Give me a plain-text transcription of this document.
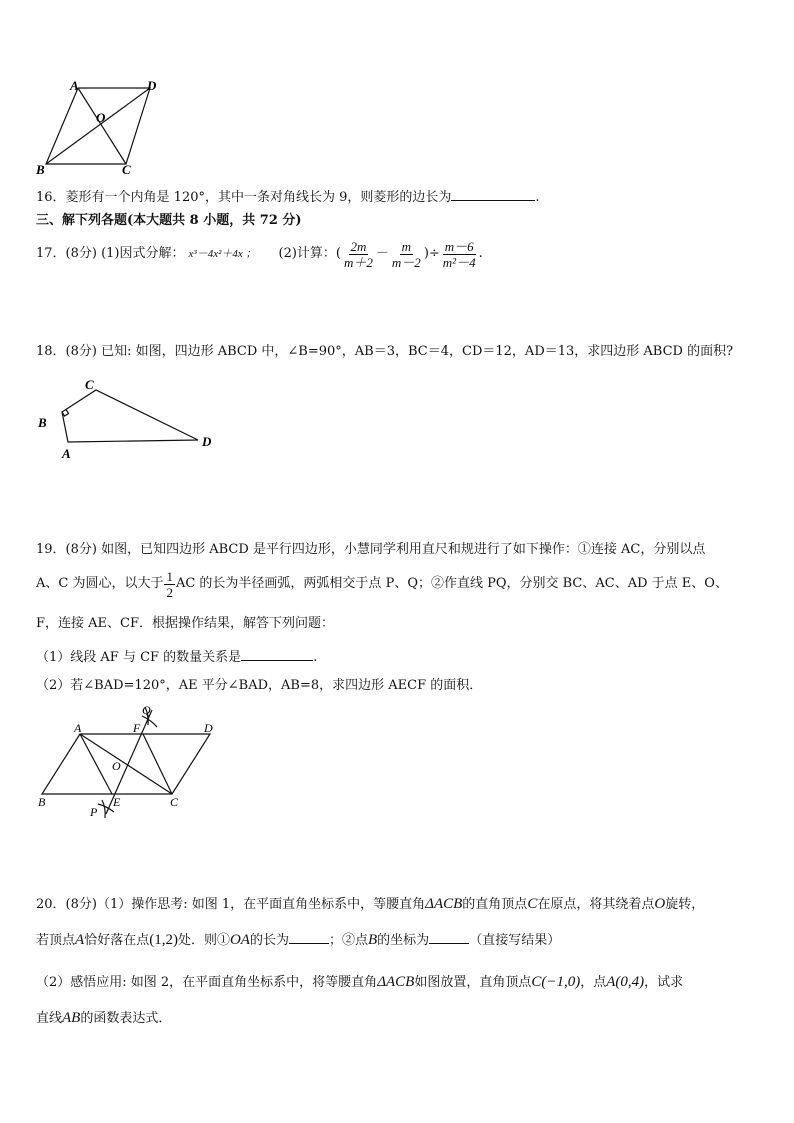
A	D
O
B	C
16．菱形有一个内角是 120°，其中一条对角线长为 9，则菱形的边长为	.
三、解下列各题(本大题共 8 小题，共 72 分)
17．(8分) (1)因式分解： x³－4x²＋4x ； (2)计算：( $\frac{2m}{m+2} - \frac{m}{m-2}$ )÷ $\frac{m-6}{\text{m²－4}}$ .
18．(8分) 已知: 如图，四边形 ABCD 中，∠B=90°，AB＝3，BC＝4，CD＝12，AD＝13，求四边形 ABCD 的面积?
C
B
D
A
19．(8分) 如图，已知四边形 ABCD 是平行四边形，小慧同学利用直尺和规进行了如下操作：①连接 AC，分别以点
A、C 为圆心，以大于 $\frac{1}{2}$ AC 的长为半径画弧，两弧相交于点 P、Q；②作直线 PQ，分别交 BC、AC、AD 于点 E、O、
F，连接 AE、CF．根据操作结果，解答下列问题：
（1）线段 AF 与 CF 的数量关系是	.
（2）若∠BAD=120°，AE 平分∠BAD，AB=8，求四边形 AECF 的面积．
Q
A	F	D
O
B	E	C
P
20．(8分)（1）操作思考: 如图 1，在平面直角坐标系中，等腰直角ΔACB的直角顶点C在原点，将其绕着点O旋转，
若顶点A恰好落在点(1,2)处．则①OA的长为	；②点B的坐标为	（直接写结果）
（2）感悟应用: 如图 2，在平面直角坐标系中，将等腰直角ΔACB如图放置，直角顶点C(−1,0)，点A(0,4)，试求
直线AB的函数表达式．
